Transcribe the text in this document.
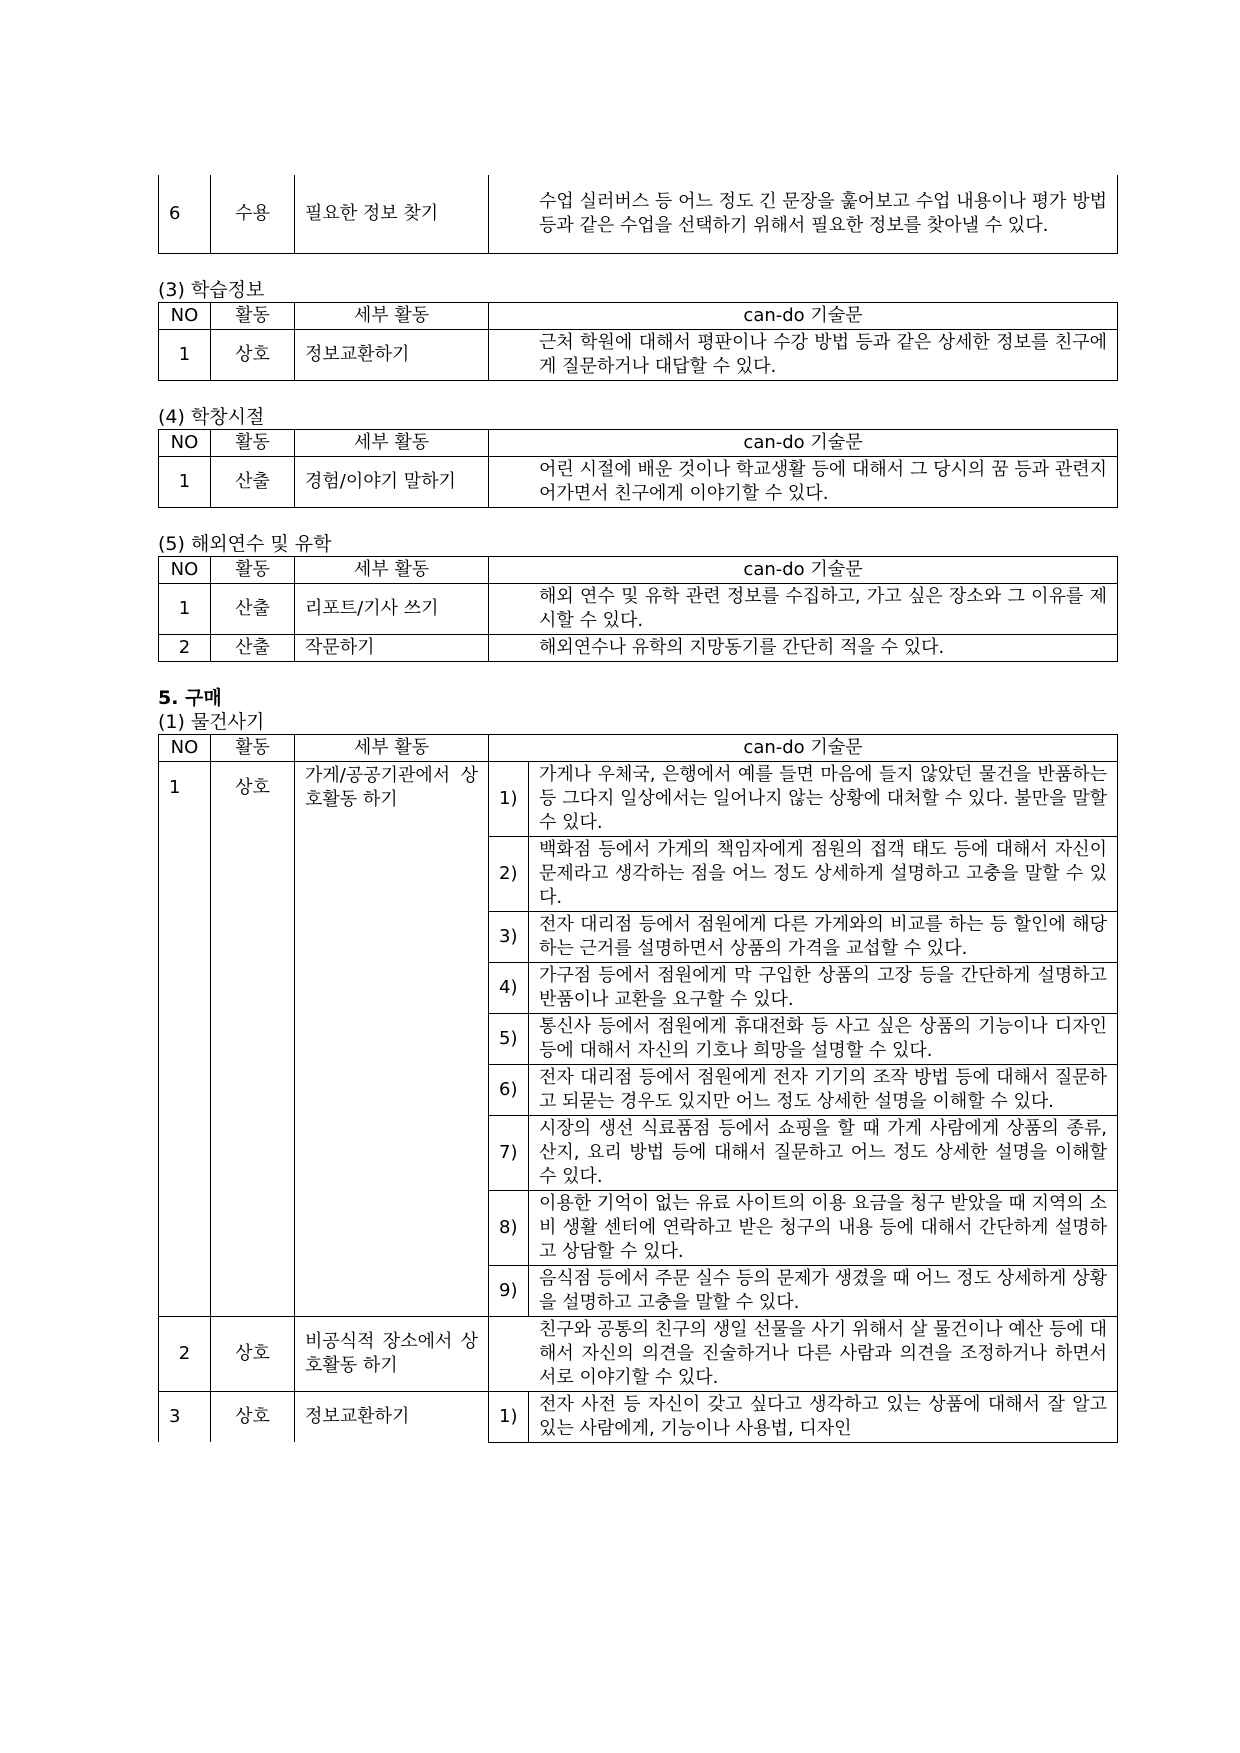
6	수용	필요한 정보 찾기	수업 실러버스 등 어느 정도 긴 문장을 훑어보고 수업 내용이나 평가 방법 등과 같은 수업을 선택하기 위해서 필요한 정보를 찾아낼 수 있다.

(3) 학습정보

NO	활동	세부 활동	can-do 기술문
1	상호	정보교환하기	근처 학원에 대해서 평판이나 수강 방법 등과 같은 상세한 정보를 친구에게 질문하거나 대답할 수 있다.

(4) 학창시절

NO	활동	세부 활동	can-do 기술문
1	산출	경험/이야기 말하기	어린 시절에 배운 것이나 학교생활 등에 대해서 그 당시의 꿈 등과 관련지어가면서 친구에게 이야기할 수 있다.

(5) 해외연수 및 유학

NO	활동	세부 활동	can-do 기술문
1	산출	리포트/기사 쓰기	해외 연수 및 유학 관련 정보를 수집하고, 가고 싶은 장소와 그 이유를 제시할 수 있다.
2	산출	작문하기	해외연수나 유학의 지망동기를 간단히 적을 수 있다.

5. 구매

(1) 물건사기

NO	활동	세부 활동	can-do 기술문	
1	상호	가게/공공기관에서 상호활동 하기	1)	가게나 우체국, 은행에서 예를 들면 마음에 들지 않았던 물건을 반품하는 등 그다지 일상에서는 일어나지 않는 상황에 대처할 수 있다. 불만을 말할 수 있다.
			2)	백화점 등에서 가게의 책임자에게 점원의 접객 태도 등에 대해서 자신이 문제라고 생각하는 점을 어느 정도 상세하게 설명하고 고충을 말할 수 있다.
			3)	전자 대리점 등에서 점원에게 다른 가게와의 비교를 하는 등 할인에 해당하는 근거를 설명하면서 상품의 가격을 교섭할 수 있다.
			4)	가구점 등에서 점원에게 막 구입한 상품의 고장 등을 간단하게 설명하고 반품이나 교환을 요구할 수 있다.
			5)	통신사 등에서 점원에게 휴대전화 등 사고 싶은 상품의 기능이나 디자인 등에 대해서 자신의 기호나 희망을 설명할 수 있다.
			6)	전자 대리점 등에서 점원에게 전자 기기의 조작 방법 등에 대해서 질문하고 되묻는 경우도 있지만 어느 정도 상세한 설명을 이해할 수 있다.
			7)	시장의 생선 식료품점 등에서 쇼핑을 할 때 가게 사람에게 상품의 종류, 산지, 요리 방법 등에 대해서 질문하고 어느 정도 상세한 설명을 이해할 수 있다.
			8)	이용한 기억이 없는 유료 사이트의 이용 요금을 청구 받았을 때 지역의 소비 생활 센터에 연락하고 받은 청구의 내용 등에 대해서 간단하게 설명하고 상담할 수 있다.
			9)	음식점 등에서 주문 실수 등의 문제가 생겼을 때 어느 정도 상세하게 상황을 설명하고 고충을 말할 수 있다.
2	상호	비공식적 장소에서 상호활동 하기	친구와 공통의 친구의 생일 선물을 사기 위해서 살 물건이나 예산 등에 대해서 자신의 의견을 진술하거나 다른 사람과 의견을 조정하거나 하면서 서로 이야기할 수 있다.	
3	상호	정보교환하기	1)	전자 사전 등 자신이 갖고 싶다고 생각하고 있는 상품에 대해서 잘 알고 있는 사람에게, 기능이나 사용법, 디자인
